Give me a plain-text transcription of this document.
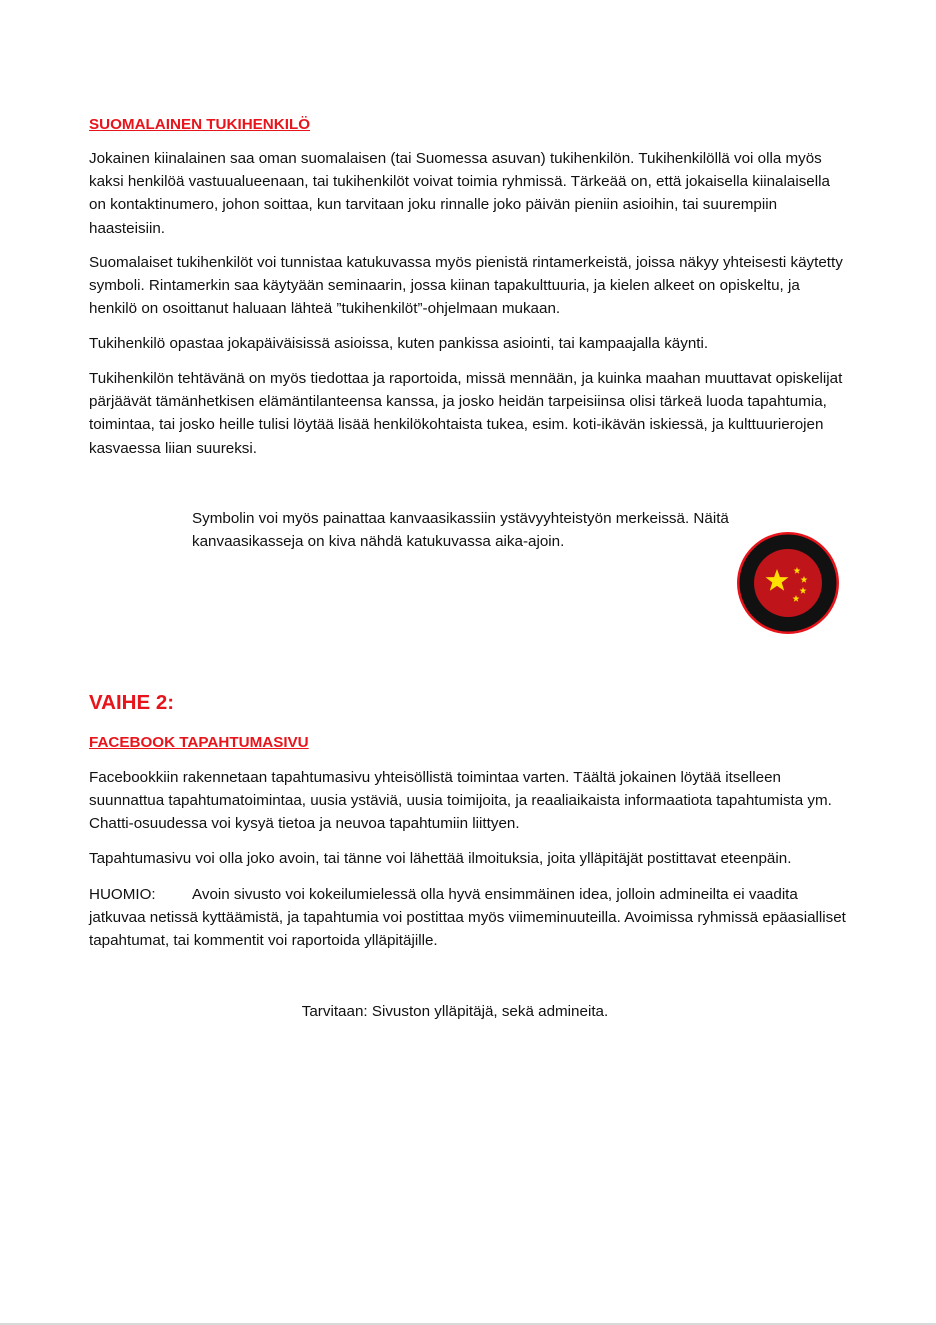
SUOMALAINEN TUKIHENKILÖ

Jokainen kiinalainen saa oman suomalaisen (tai Suomessa asuvan) tukihenkilön. Tukihenkilöllä voi olla myös kaksi henkilöä vastuualueenaan, tai tukihenkilöt voivat toimia ryhmissä. Tärkeää on, että jokaisella kiinalaisella on kontaktinumero, johon soittaa, kun tarvitaan joku rinnalle joko päivän pieniin asioihin, tai suurempiin haasteisiin.

Suomalaiset tukihenkilöt voi tunnistaa katukuvassa myös pienistä rintamerkeistä, joissa näkyy yhteisesti käytetty symboli. Rintamerkin saa käytyään seminaarin, jossa kiinan tapakulttuuria, ja kielen alkeet on opiskeltu, ja henkilö on osoittanut haluaan lähteä ”tukihenkilöt”-ohjelmaan mukaan.

Tukihenkilö opastaa jokapäiväisissä asioissa, kuten pankissa asiointi, tai kampaajalla käynti.

Tukihenkilön tehtävänä on myös tiedottaa ja raportoida, missä mennään, ja kuinka maahan muuttavat opiskelijat pärjäävät tämänhetkisen elämäntilanteensa kanssa, ja josko heidän tarpeisiinsa olisi tärkeä luoda tapahtumia, toimintaa, tai josko heille tulisi löytää lisää henkilökohtaista tukea, esim. koti-ikävän iskiessä, ja kulttuurierojen kasvaessa liian suureksi.

Symbolin voi myös painattaa kanvaasikassiin ystävyyhteistyön merkeissä. Näitä kanvaasikasseja on kiva nähdä katukuvassa aika-ajoin.

VAIHE 2:
FACEBOOK TAPAHTUMASIVU

Facebookkiin rakennetaan tapahtumasivu yhteisöllistä toimintaa varten. Täältä jokainen löytää itselleen suunnattua tapahtumatoimintaa, uusia ystäviä, uusia toimijoita, ja reaaliaikaista informaatiota tapahtumista ym. Chatti-osuudessa voi kysyä tietoa ja neuvoa tapahtumiin liittyen.

Tapahtumasivu voi olla joko avoin, tai tänne voi lähettää ilmoituksia, joita ylläpitäjät postittavat eteenpäin.

HUOMIO: Avoin sivusto voi kokeilumielessä olla hyvä ensimmäinen idea, jolloin admineilta ei vaadita jatkuvaa netissä kyttäämistä, ja tapahtumia voi postittaa myös viimeminuuteilla. Avoimissa ryhmissä epäasialliset tapahtumat, tai kommentit voi raportoida ylläpitäjille.

Tarvitaan: Sivuston ylläpitäjä, sekä admineita.
